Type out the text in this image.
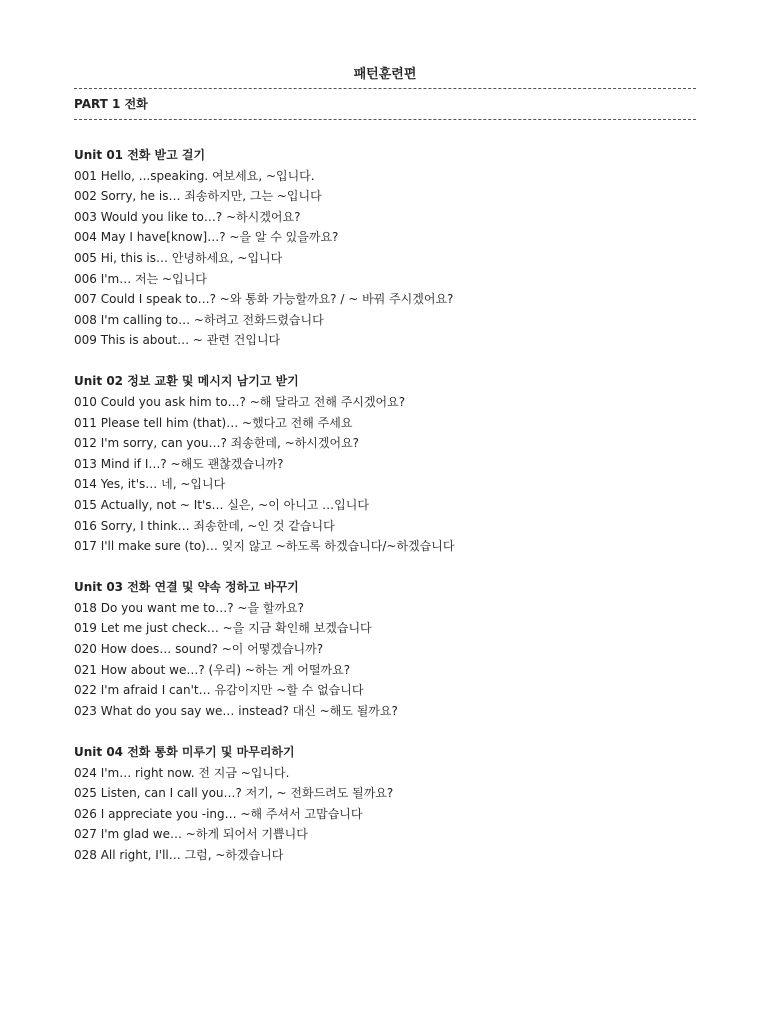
패턴훈련편
PART 1 전화
Unit 01 전화 받고 걸기
001 Hello, ...speaking. 여보세요, ~입니다.
002 Sorry, he is… 죄송하지만, 그는 ~입니다
003 Would you like to…? ~하시겠어요?
004 May I have[know]…? ~을 알 수 있을까요?
005 Hi, this is… 안녕하세요, ~입니다
006 I'm… 저는 ~입니다
007 Could I speak to…? ~와 통화 가능할까요? / ~ 바꿔 주시겠어요?
008 I'm calling to… ~하려고 전화드렸습니다
009 This is about… ~ 관련 건입니다
Unit 02 정보 교환 및 메시지 남기고 받기
010 Could you ask him to…? ~해 달라고 전해 주시겠어요?
011 Please tell him (that)… ~했다고 전해 주세요
012 I'm sorry, can you…? 죄송한데, ~하시겠어요?
013 Mind if I…? ~해도 괜찮겠습니까?
014 Yes, it's… 네, ~입니다
015 Actually, not ~ It's… 실은, ~이 아니고 …입니다
016 Sorry, I think… 죄송한데, ~인 것 같습니다
017 I'll make sure (to)… 잊지 않고 ~하도록 하겠습니다/~하겠습니다
Unit 03 전화 연결 및 약속 정하고 바꾸기
018 Do you want me to…? ~을 할까요?
019 Let me just check… ~을 지금 확인해 보겠습니다
020 How does… sound? ~이 어떻겠습니까?
021 How about we…? (우리) ~하는 게 어떨까요?
022 I'm afraid I can't… 유감이지만 ~할 수 없습니다
023 What do you say we… instead? 대신 ~해도 될까요?
Unit 04 전화 통화 미루기 및 마무리하기
024 I'm… right now. 전 지금 ~입니다.
025 Listen, can I call you…? 저기, ~ 전화드려도 될까요?
026 I appreciate you -ing… ~해 주셔서 고맙습니다
027 I'm glad we… ~하게 되어서 기쁩니다
028 All right, I'll… 그럼, ~하겠습니다
